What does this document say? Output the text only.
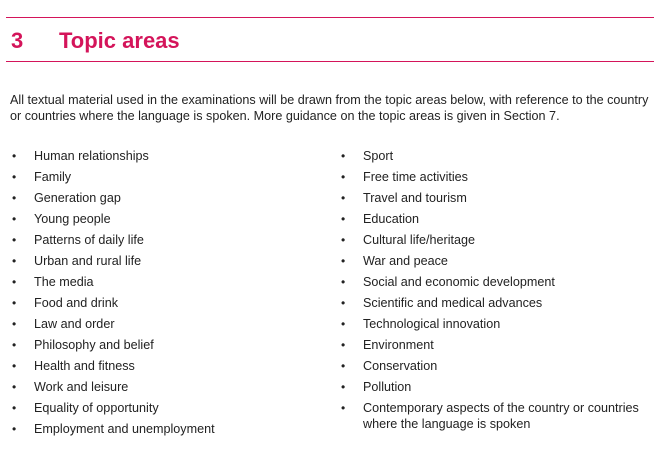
3 Topic areas

All textual material used in the examinations will be drawn from the topic areas below, with reference to the country or countries where the language is spoken. More guidance on the topic areas is given in Section 7.

• Human relationships
• Family
• Generation gap
• Young people
• Patterns of daily life
• Urban and rural life
• The media
• Food and drink
• Law and order
• Philosophy and belief
• Health and fitness
• Work and leisure
• Equality of opportunity
• Employment and unemployment
• Sport
• Free time activities
• Travel and tourism
• Education
• Cultural life/heritage
• War and peace
• Social and economic development
• Scientific and medical advances
• Technological innovation
• Environment
• Conservation
• Pollution
• Contemporary aspects of the country or countries where the language is spoken
